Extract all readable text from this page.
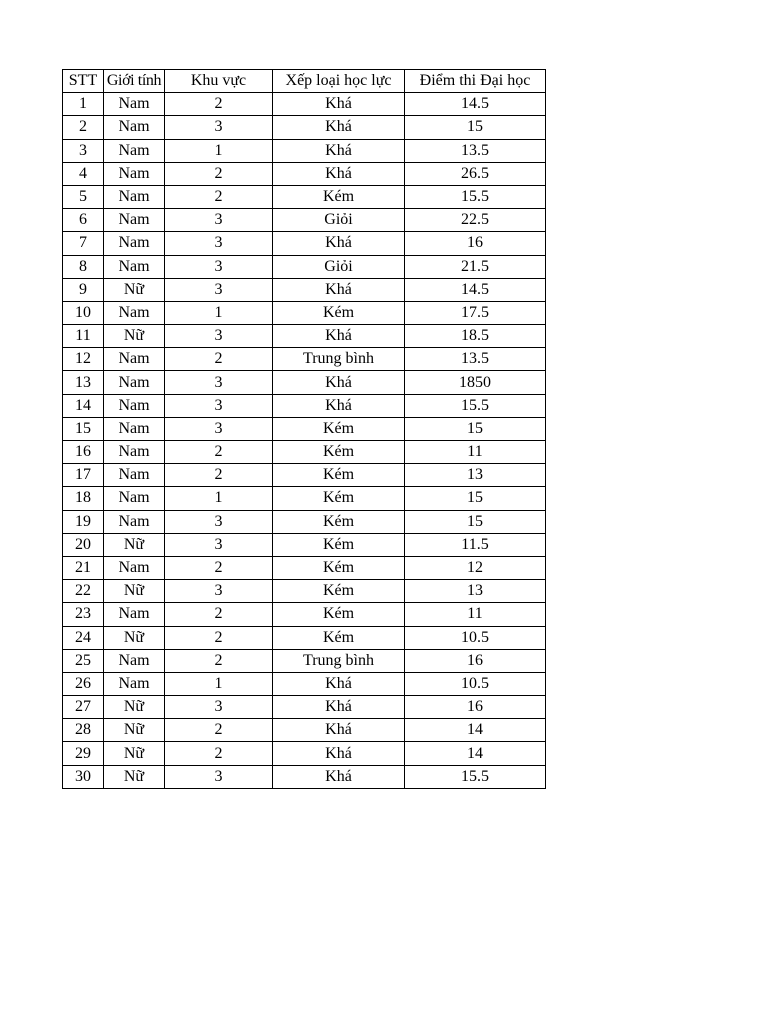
STT	Giới tính	Khu vực	Xếp loại học lực	Điểm thi Đại học
1	Nam	2	Khá	14.5
2	Nam	3	Khá	15
3	Nam	1	Khá	13.5
4	Nam	2	Khá	26.5
5	Nam	2	Kém	15.5
6	Nam	3	Giỏi	22.5
7	Nam	3	Khá	16
8	Nam	3	Giỏi	21.5
9	Nữ	3	Khá	14.5
10	Nam	1	Kém	17.5
11	Nữ	3	Khá	18.5
12	Nam	2	Trung bình	13.5
13	Nam	3	Khá	1850
14	Nam	3	Khá	15.5
15	Nam	3	Kém	15
16	Nam	2	Kém	11
17	Nam	2	Kém	13
18	Nam	1	Kém	15
19	Nam	3	Kém	15
20	Nữ	3	Kém	11.5
21	Nam	2	Kém	12
22	Nữ	3	Kém	13
23	Nam	2	Kém	11
24	Nữ	2	Kém	10.5
25	Nam	2	Trung bình	16
26	Nam	1	Khá	10.5
27	Nữ	3	Khá	16
28	Nữ	2	Khá	14
29	Nữ	2	Khá	14
30	Nữ	3	Khá	15.5
